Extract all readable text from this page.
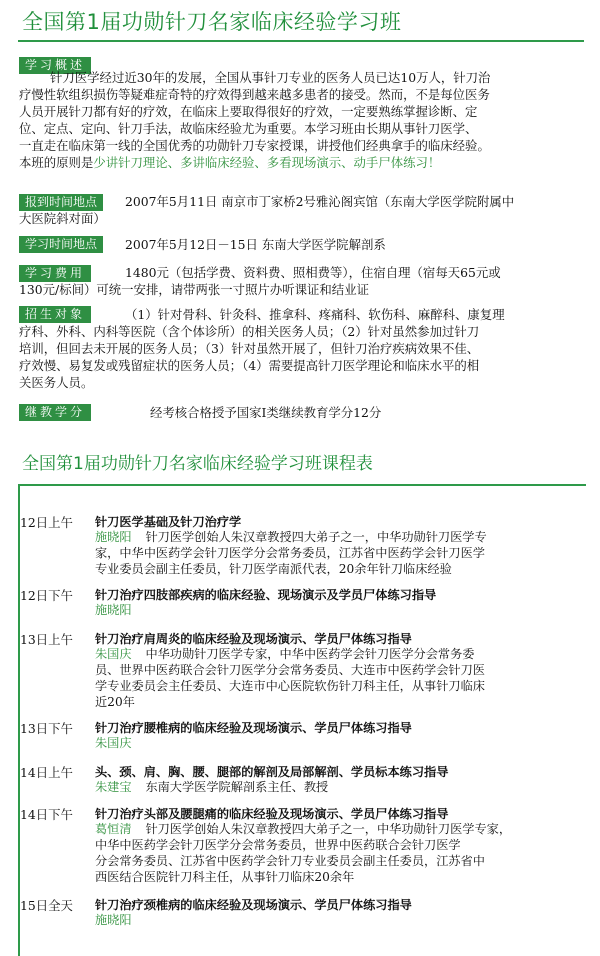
全国第1届功勋针刀名家临床经验学习班
学习概述
针刀医学经过近30年的发展，全国从事针刀专业的医务人员已达10万人，针刀治
疗慢性软组织损伤等疑难症奇特的疗效得到越来越多患者的接受。然而，不是每位医务
人员开展针刀都有好的疗效，在临床上要取得很好的疗效，一定要熟练掌握诊断、定
位、定点、定向、针刀手法，故临床经验尤为重要。本学习班由长期从事针刀医学、
一直走在临床第一线的全国优秀的功勋针刀专家授课，讲授他们经典拿手的临床经验。
本班的原则是少讲针刀理论、多讲临床经验、多看现场演示、动手尸体练习！
报到时间地点	2007年5月11日 南京市丁家桥2号雅沁阁宾馆（东南大学医学院附属中
大医院斜对面）
学习时间地点	2007年5月12日－15日 东南大学医学院解剖系
学习费用	1480元（包括学费、资料费、照相费等），住宿自理（宿每天65元或
130元/标间）可统一安排，请带两张一寸照片办听课证和结业证
招生对象	（1）针对骨科、针灸科、推拿科、疼痛科、软伤科、麻醉科、康复理
疗科、外科、内科等医院（含个体诊所）的相关医务人员；（2）针对虽然参加过针刀
培训，但回去未开展的医务人员；（3）针对虽然开展了，但针刀治疗疾病效果不佳、
疗效慢、易复发或残留症状的医务人员；（4）需要提高针刀医学理论和临床水平的相
关医务人员。
继教学分	经考核合格授予国家Ⅰ类继续教育学分12分
全国第1届功勋针刀名家临床经验学习班课程表
12日上午 针刀医学基础及针刀治疗学
施晓阳 针刀医学创始人朱汉章教授四大弟子之一，中华功勋针刀医学专
家，中华中医药学会针刀医学分会常务委员，江苏省中医药学会针刀医学
专业委员会副主任委员，针刀医学南派代表，20余年针刀临床经验
12日下午 针刀治疗四肢部疾病的临床经验、现场演示及学员尸体练习指导
施晓阳
13日上午 针刀治疗肩周炎的临床经验及现场演示、学员尸体练习指导
朱国庆 中华功勋针刀医学专家，中华中医药学会针刀医学分会常务委
员、世界中医药联合会针刀医学分会常务委员、大连市中医药学会针刀医
学专业委员会主任委员、大连市中心医院软伤针刀科主任，从事针刀临床
近20年
13日下午 针刀治疗腰椎病的临床经验及现场演示、学员尸体练习指导
朱国庆
14日上午 头、颈、肩、胸、腰、腿部的解剖及局部解剖、学员标本练习指导
朱建宝 东南大学医学院解剖系主任、教授
14日下午 针刀治疗头部及腰腿痛的临床经验及现场演示、学员尸体练习指导
葛恒清 针刀医学创始人朱汉章教授四大弟子之一，中华功勋针刀医学专家，
中华中医药学会针刀医学分会常务委员，世界中医药联合会针刀医学
分会常务委员、江苏省中医药学会针刀专业委员会副主任委员，江苏省中
西医结合医院针刀科主任，从事针刀临床20余年
15日全天 针刀治疗颈椎病的临床经验及现场演示、学员尸体练习指导
施晓阳
